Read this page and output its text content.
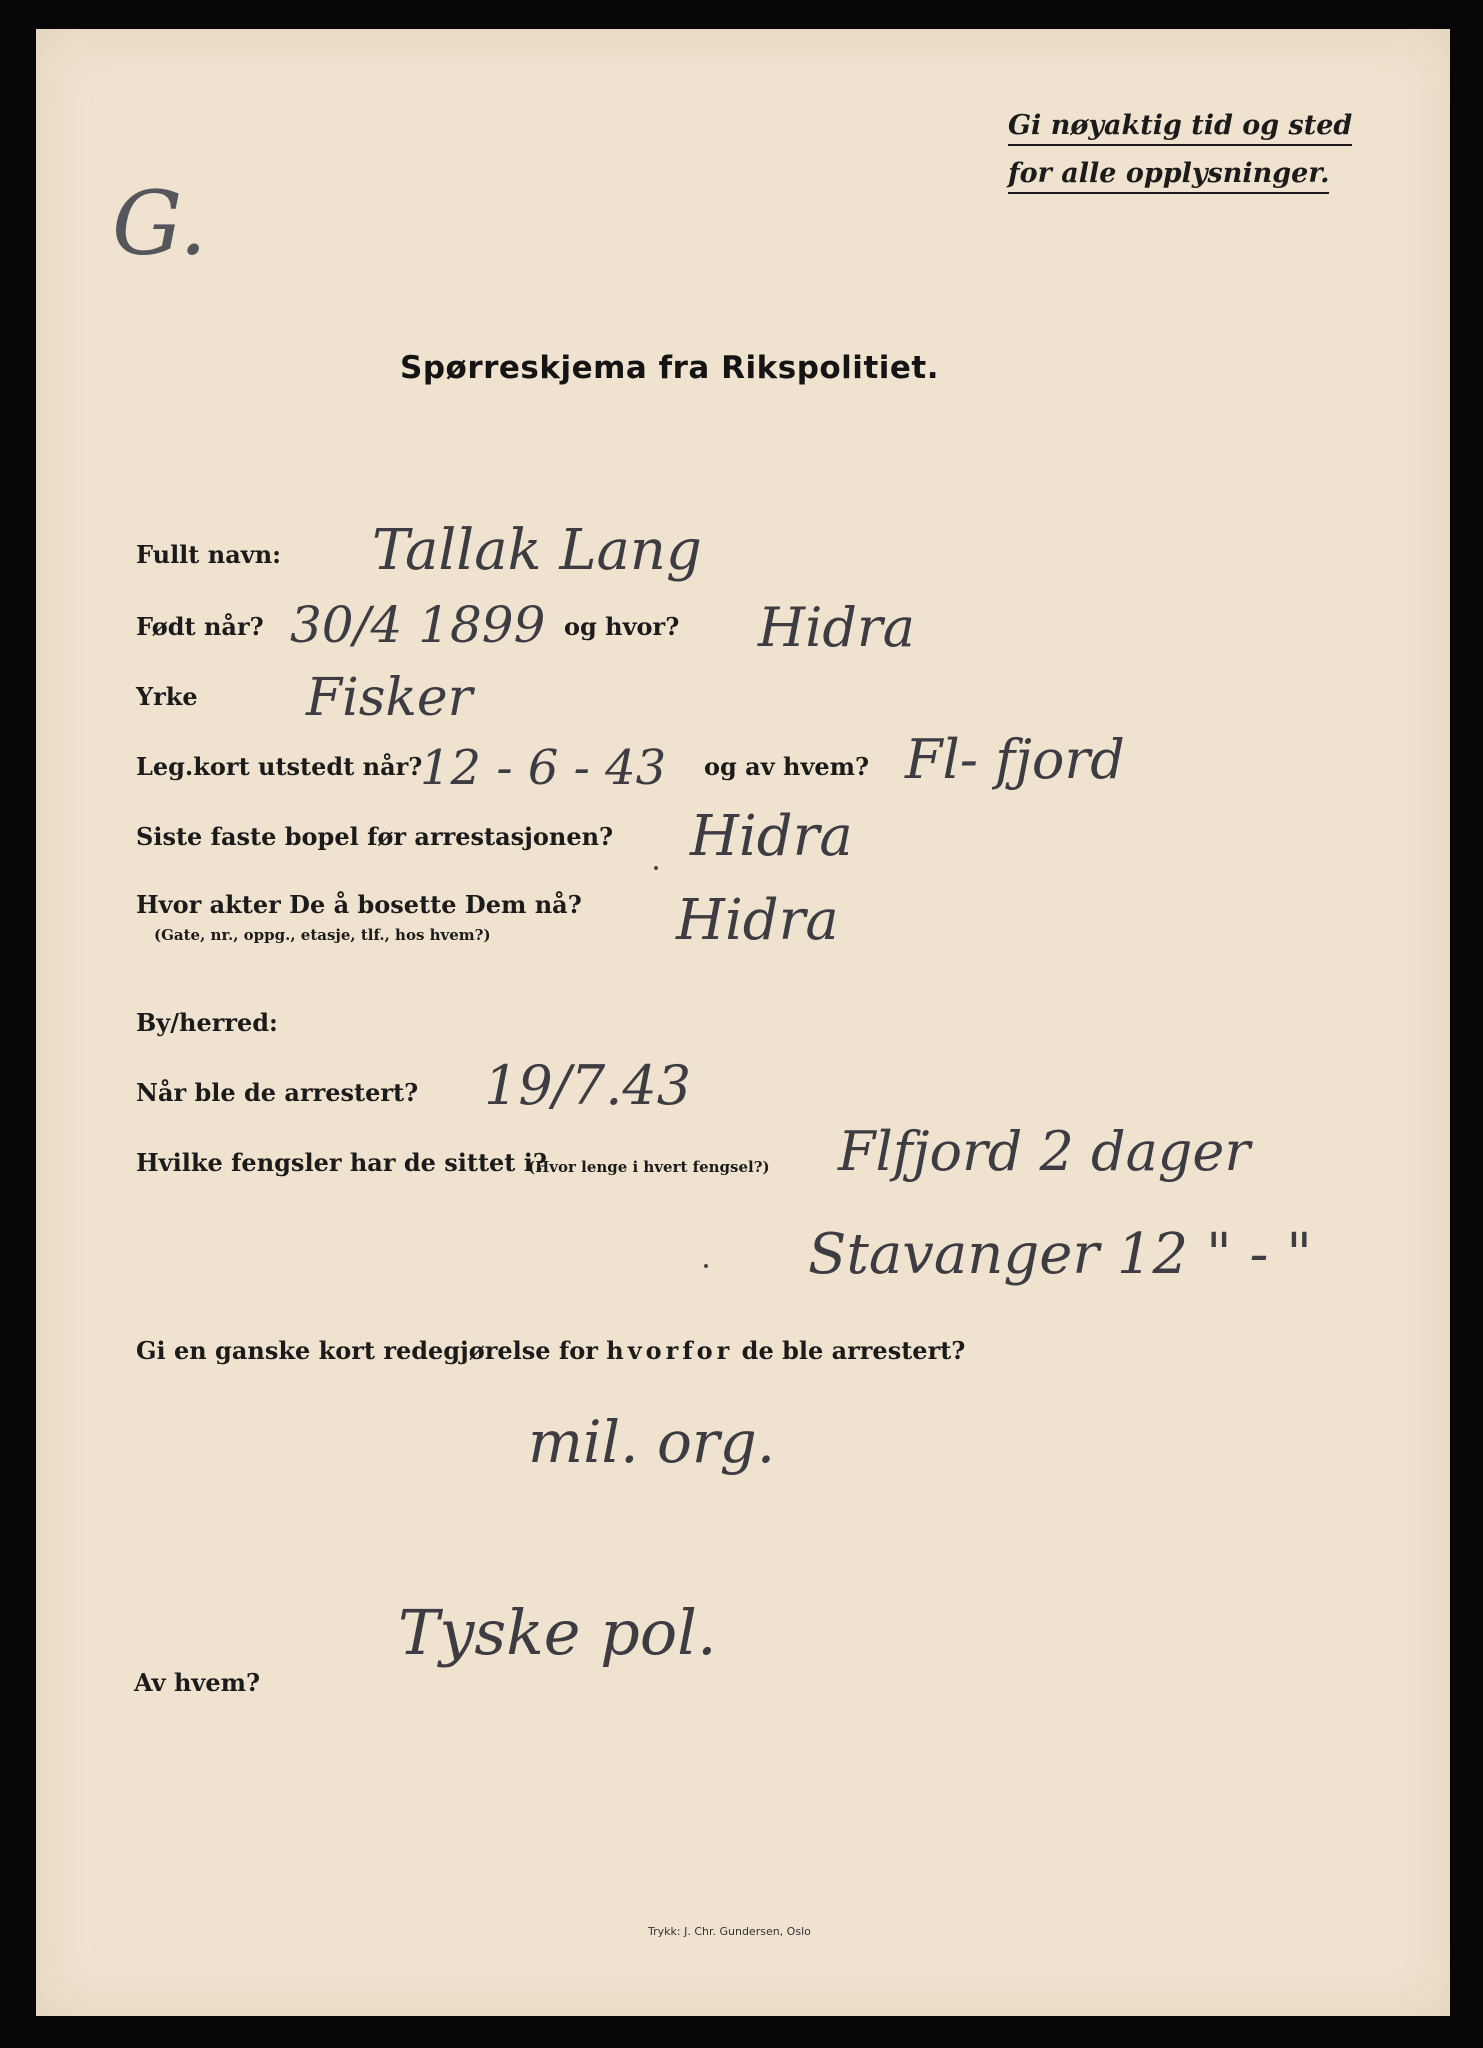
Gi nøyaktig tid og sted
for alle opplysninger.
G.
Spørreskjema fra Rikspolitiet.
Fullt navn: Tallak Lang
Født når? 30/4 1899 og hvor? Hidra
Yrke Fisker
Leg.kort utstedt når?
12 - 6 - 43 og av hvem? Fl- fjord
Siste faste bopel før arrestasjonen? Hidra
Hvor akter De å bosette Dem nå?
(Gate, nr., oppg., etasje, tlf., hos hvem?)	Hidra
By/herred:
Når ble de arrestert? 19/7.43
Hvilke fengsler har de sittet i?
(Hvor lenge i hvert fengsel?) Flfjord 2 dager
Stavanger 12 " - "
Gi en ganske kort redegjørelse for hvorfor de ble arrestert?
mil. org.
Av hvem?
Tyske pol.
Trykk: J. Chr. Gundersen, Oslo
